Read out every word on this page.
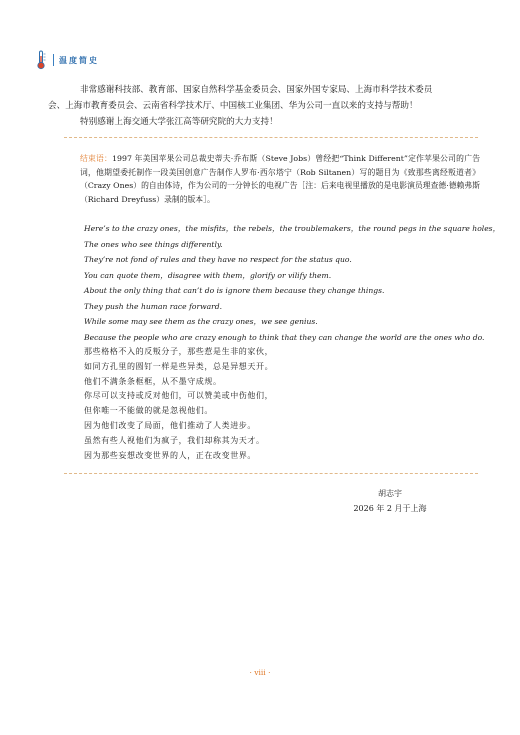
温度简史

非常感谢科技部、教育部、国家自然科学基金委员会、国家外国专家局、上海市科学技术委员

会、上海市教育委员会、云南省科学技术厅、中国核工业集团、华为公司一直以来的支持与帮助！

特别感谢上海交通大学张江高等研究院的大力支持！

结束语：1997 年美国苹果公司总裁史蒂夫·乔布斯（Steve Jobs）曾经把“Think Different”定作苹果公司的广告词，他期望委托制作一段美国创意广告制作人罗布·西尔塔宁（Rob Siltanen）写的题目为《致那些离经叛道者》（Crazy Ones）的自由体诗，作为公司的一分钟长的电视广告［注：后来电视里播放的是电影演员理查德·德赖弗斯（Richard Dreyfuss）录制的版本］。
Here’s to the crazy ones，the misfits，the rebels，the troublemakers，the round pegs in the square holes，
The ones who see things differently.
They’re not fond of rules and they have no respect for the status quo.
You can quote them，disagree with them，glorify or vilify them.
About the only thing that can’t do is ignore them because they change things.
They push the human race forward.
While some may see them as the crazy ones，we see genius.
Because the people who are crazy enough to think that they can change the world are the ones who do.
那些格格不入的反叛分子，那些惹是生非的家伙，
如同方孔里的圆钉一样是些异类，总是异想天开。
他们不满条条框框，从不墨守成规。
你尽可以支持或反对他们，可以赞美或中伤他们，
但你唯一不能做的就是忽视他们。
因为他们改变了局面，他们推动了人类进步。
虽然有些人视他们为疯子，我们却称其为天才。
因为那些妄想改变世界的人，正在改变世界。
胡志宇
2026 年 2 月于上海
· viii ·
